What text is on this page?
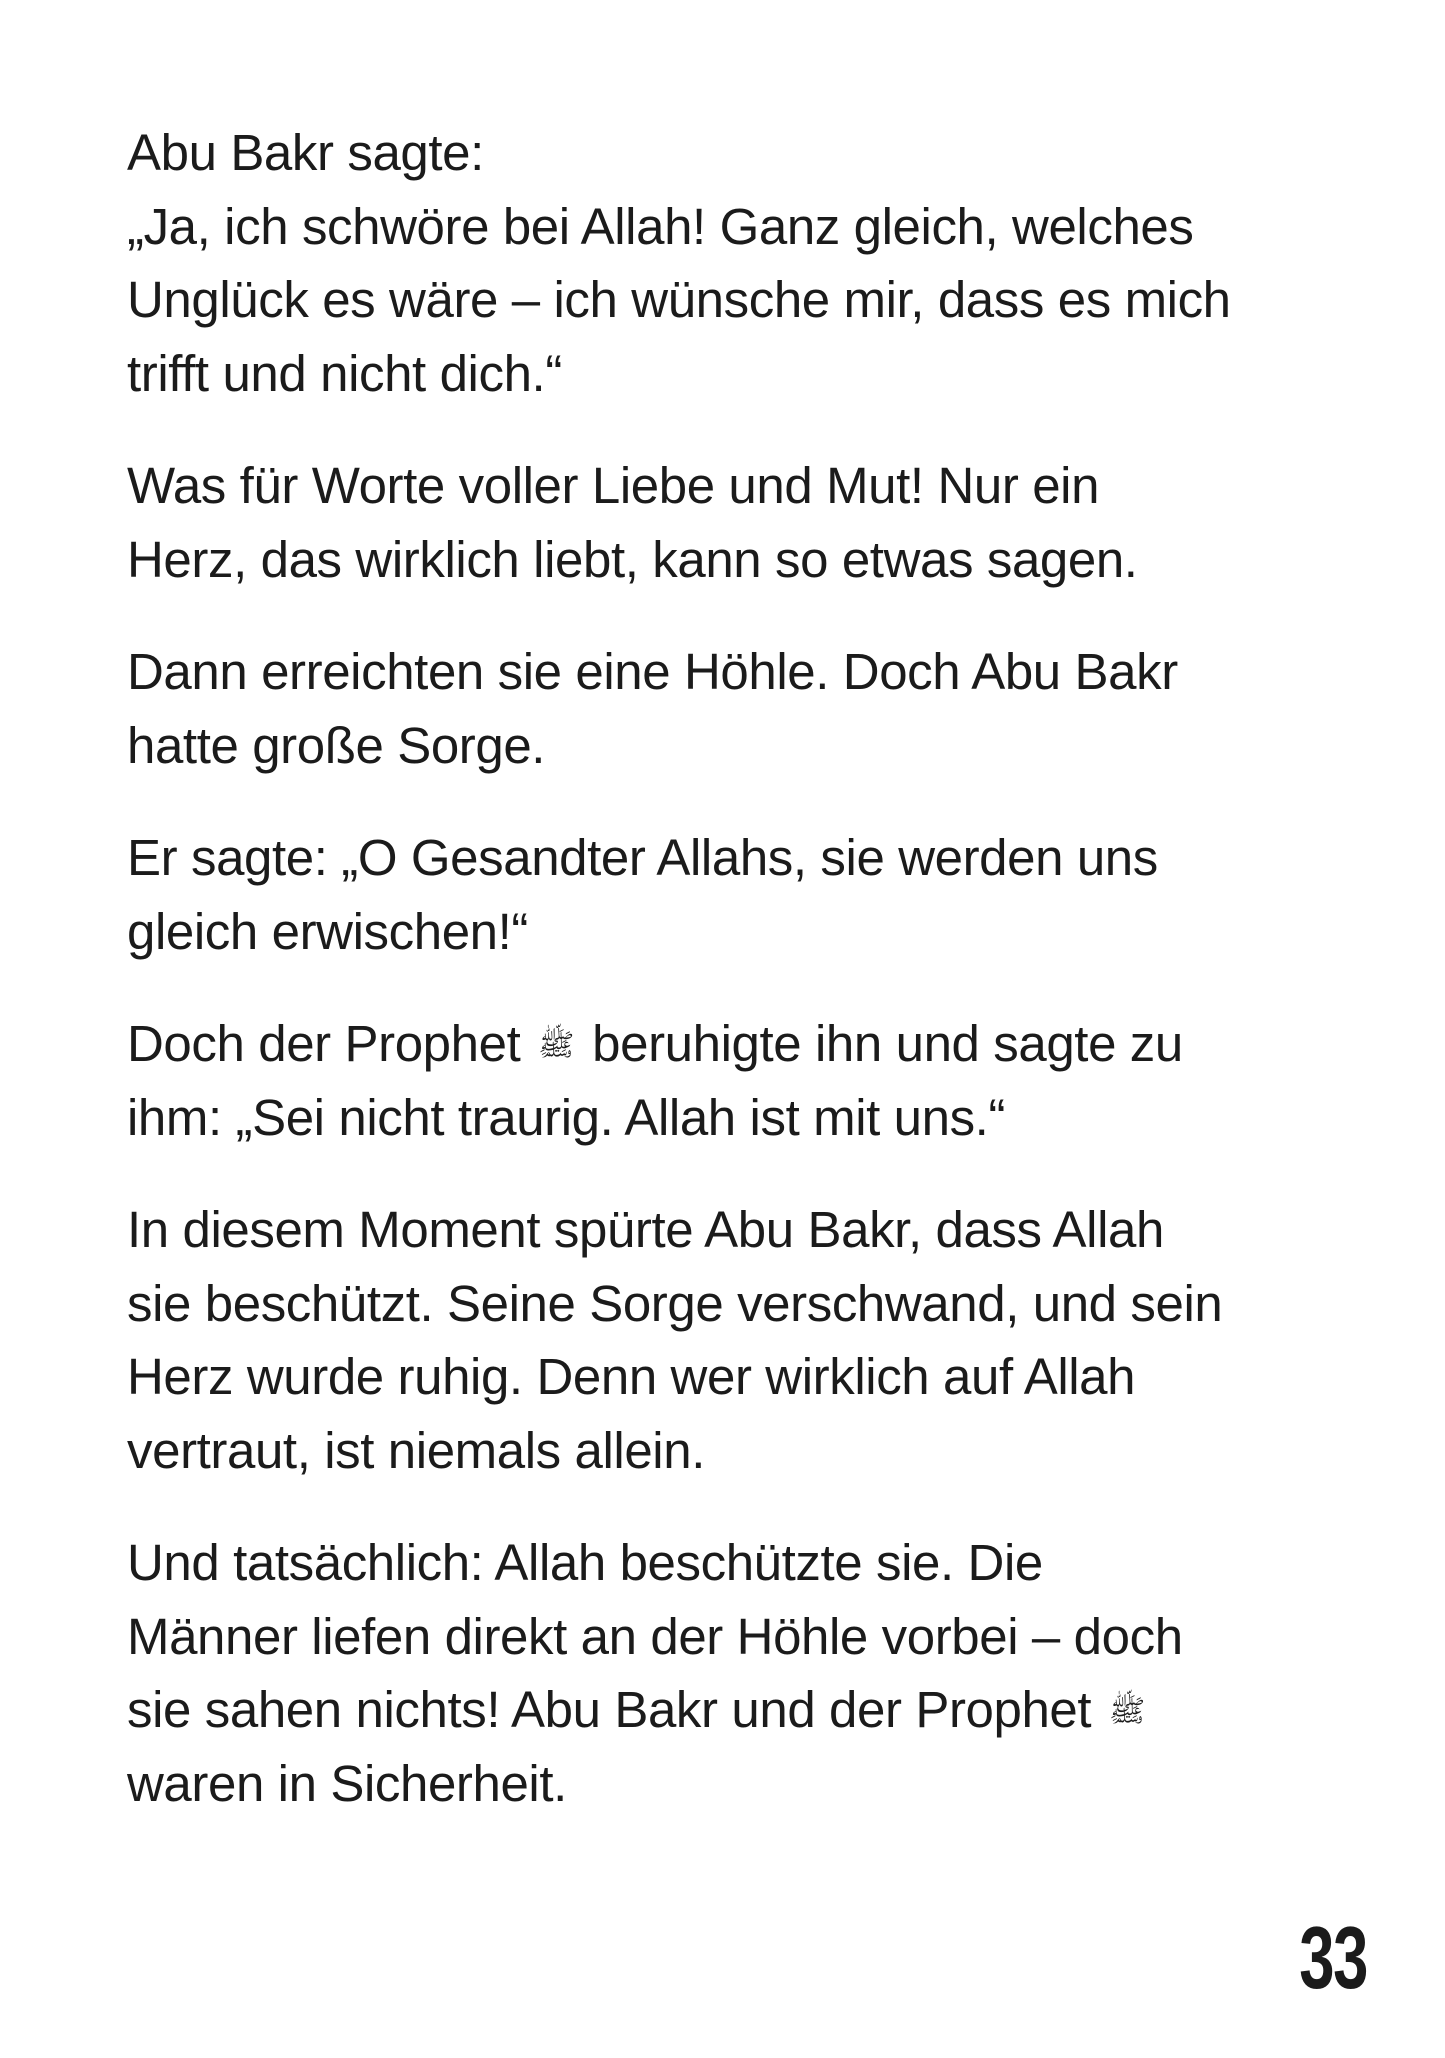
Abu Bakr sagte:
„Ja, ich schwöre bei Allah! Ganz gleich, welches
Unglück es wäre – ich wünsche mir, dass es mich
trifft und nicht dich.“

Was für Worte voller Liebe und Mut! Nur ein
Herz, das wirklich liebt, kann so etwas sagen.

Dann erreichten sie eine Höhle. Doch Abu Bakr
hatte große Sorge.

Er sagte: „O Gesandter Allahs, sie werden uns
gleich erwischen!“

Doch der Prophet ﷺ beruhigte ihn und sagte zu
ihm: „Sei nicht traurig. Allah ist mit uns.“

In diesem Moment spürte Abu Bakr, dass Allah
sie beschützt. Seine Sorge verschwand, und sein
Herz wurde ruhig. Denn wer wirklich auf Allah
vertraut, ist niemals allein.

Und tatsächlich: Allah beschützte sie. Die
Männer liefen direkt an der Höhle vorbei – doch
sie sahen nichts! Abu Bakr und der Prophet ﷺ
waren in Sicherheit.

33
